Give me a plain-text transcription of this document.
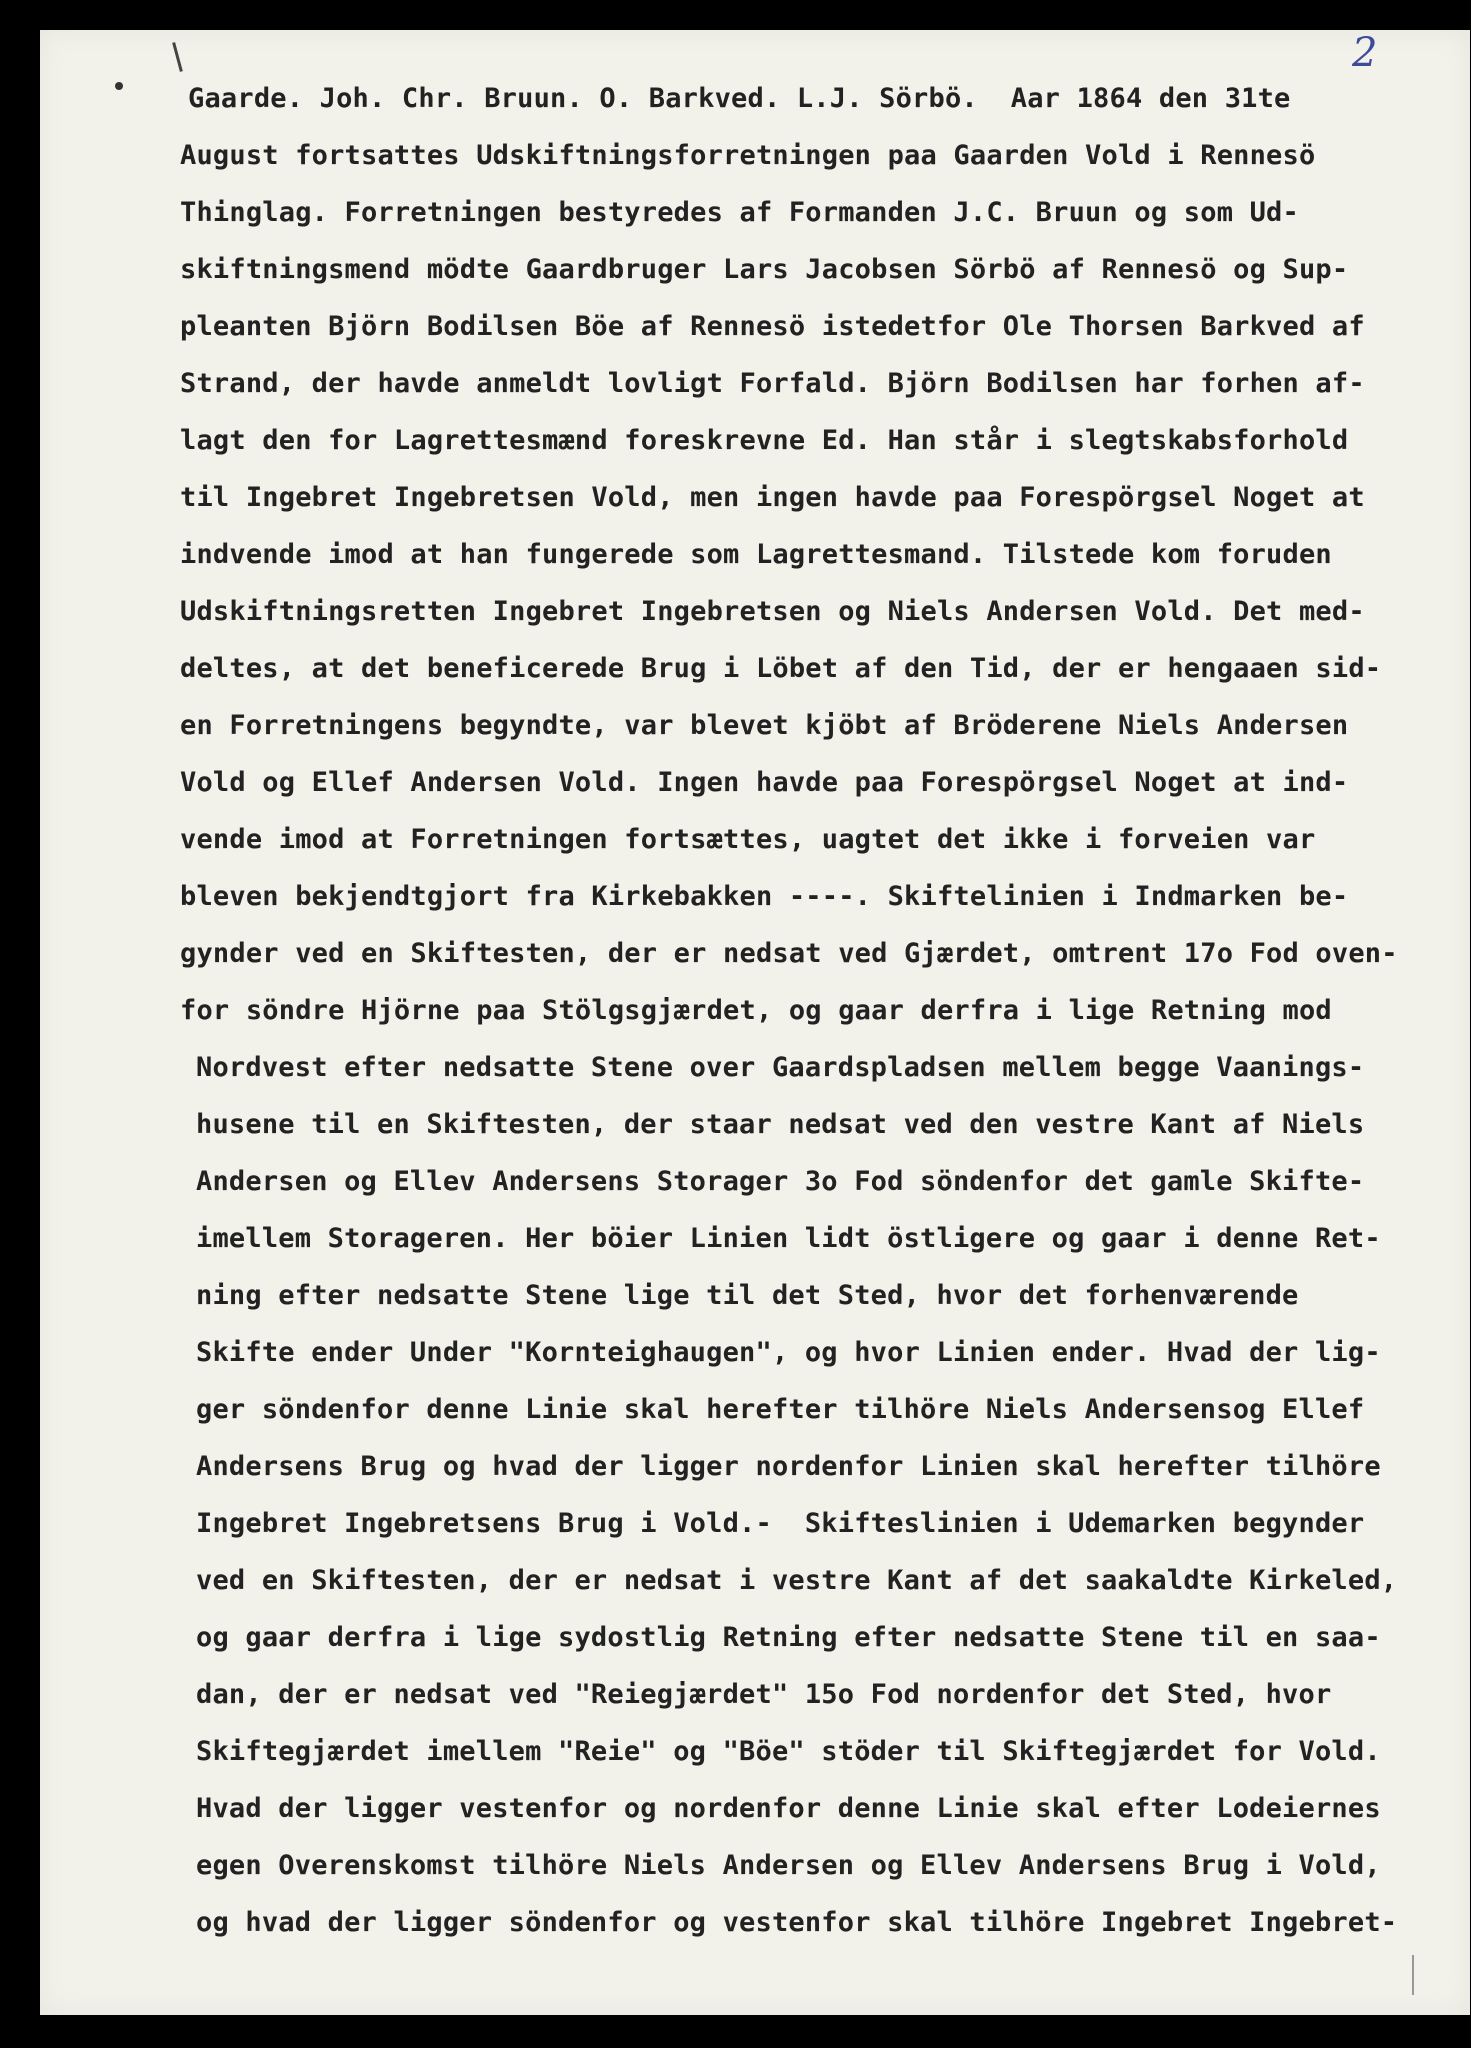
2
Gaarde. Joh. Chr. Bruun. O. Barkved. L.J. Sörbö.  Aar 1864 den 31te
August fortsattes Udskiftningsforretningen paa Gaarden Vold i Rennesö
Thinglag. Forretningen bestyredes af Formanden J.C. Bruun og som Ud-
skiftningsmend mödte Gaardbruger Lars Jacobsen Sörbö af Rennesö og Sup-
pleanten Björn Bodilsen Böe af Rennesö istedetfor Ole Thorsen Barkved af
Strand, der havde anmeldt lovligt Forfald. Björn Bodilsen har forhen af-
lagt den for Lagrettesmænd foreskrevne Ed. Han står i slegtskabsforhold
til Ingebret Ingebretsen Vold, men ingen havde paa Forespörgsel Noget at
indvende imod at han fungerede som Lagrettesmand. Tilstede kom foruden
Udskiftningsretten Ingebret Ingebretsen og Niels Andersen Vold. Det med-
deltes, at det beneficerede Brug i Löbet af den Tid, der er hengaaen sid-
en Forretningens begyndte, var blevet kjöbt af Bröderene Niels Andersen
Vold og Ellef Andersen Vold. Ingen havde paa Forespörgsel Noget at ind-
vende imod at Forretningen fortsættes, uagtet det ikke i forveien var
bleven bekjendtgjort fra Kirkebakken ----. Skiftelinien i Indmarken be-
gynder ved en Skiftesten, der er nedsat ved Gjærdet, omtrent 17o Fod oven-
for söndre Hjörne paa Stölgsgjærdet, og gaar derfra i lige Retning mod
Nordvest efter nedsatte Stene over Gaardspladsen mellem begge Vaanings-
husene til en Skiftesten, der staar nedsat ved den vestre Kant af Niels
Andersen og Ellev Andersens Storager 3o Fod söndenfor det gamle Skifte-
imellem Storageren. Her böier Linien lidt östligere og gaar i denne Ret-
ning efter nedsatte Stene lige til det Sted, hvor det forhenværende
Skifte ender Under "Kornteighaugen", og hvor Linien ender. Hvad der lig-
ger söndenfor denne Linie skal herefter tilhöre Niels Andersensog Ellef
Andersens Brug og hvad der ligger nordenfor Linien skal herefter tilhöre
Ingebret Ingebretsens Brug i Vold.-  Skifteslinien i Udemarken begynder
ved en Skiftesten, der er nedsat i vestre Kant af det saakaldte Kirkeled,
og gaar derfra i lige sydostlig Retning efter nedsatte Stene til en saa-
dan, der er nedsat ved "Reiegjærdet" 15o Fod nordenfor det Sted, hvor
Skiftegjærdet imellem "Reie" og "Böe" stöder til Skiftegjærdet for Vold.
Hvad der ligger vestenfor og nordenfor denne Linie skal efter Lodeiernes
egen Overenskomst tilhöre Niels Andersen og Ellev Andersens Brug i Vold,
og hvad der ligger söndenfor og vestenfor skal tilhöre Ingebret Ingebret-
